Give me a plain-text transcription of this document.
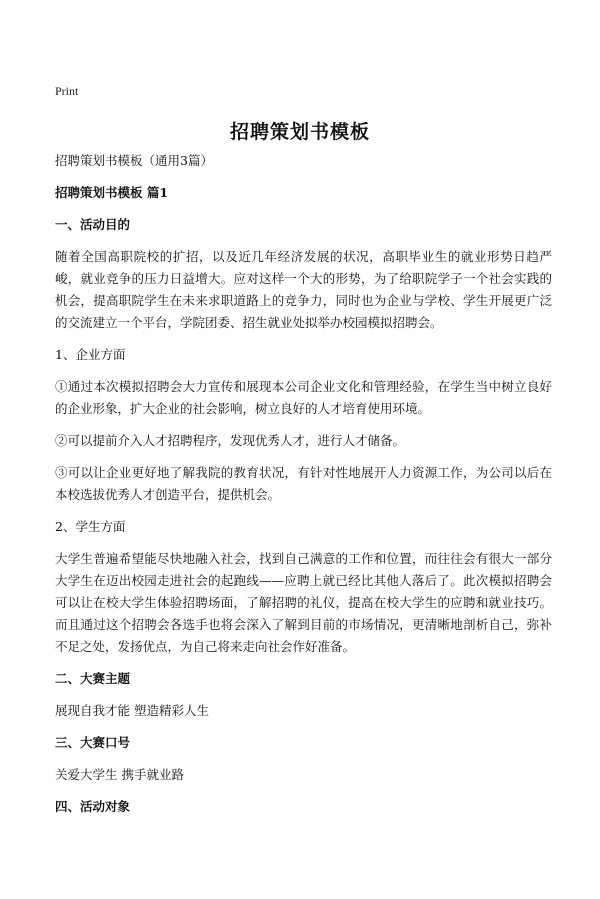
Print
招聘策划书模板

招聘策划书模板（通用3篇）

招聘策划书模板 篇1

一、活动目的

随着全国高职院校的扩招，以及近几年经济发展的状况，高职毕业生的就业形势日趋严峻，就业竞争的压力日益增大。应对这样一个大的形势，为了给职院学子一个社会实践的机会，提高职院学生在未来求职道路上的竞争力，同时也为企业与学校、学生开展更广泛的交流建立一个平台，学院团委、招生就业处拟举办校园模拟招聘会。

1、企业方面

①通过本次模拟招聘会大力宣传和展现本公司企业文化和管理经验，在学生当中树立良好的企业形象，扩大企业的社会影响，树立良好的人才培育使用环境。

②可以提前介入人才招聘程序，发现优秀人才，进行人才储备。

③可以让企业更好地了解我院的教育状况，有针对性地展开人力资源工作，为公司以后在本校选拔优秀人才创造平台，提供机会。

2、学生方面

大学生普遍希望能尽快地融入社会，找到自己满意的工作和位置，而往往会有很大一部分大学生在迈出校园走进社会的起跑线——应聘上就已经比其他人落后了。此次模拟招聘会可以让在校大学生体验招聘场面，了解招聘的礼仪，提高在校大学生的应聘和就业技巧。而且通过这个招聘会各选手也将会深入了解到目前的市场情况，更清晰地剖析自己，弥补不足之处，发扬优点，为自己将来走向社会作好准备。

二、大赛主题

展现自我才能 塑造精彩人生

三、大赛口号

关爱大学生 携手就业路

四、活动对象
